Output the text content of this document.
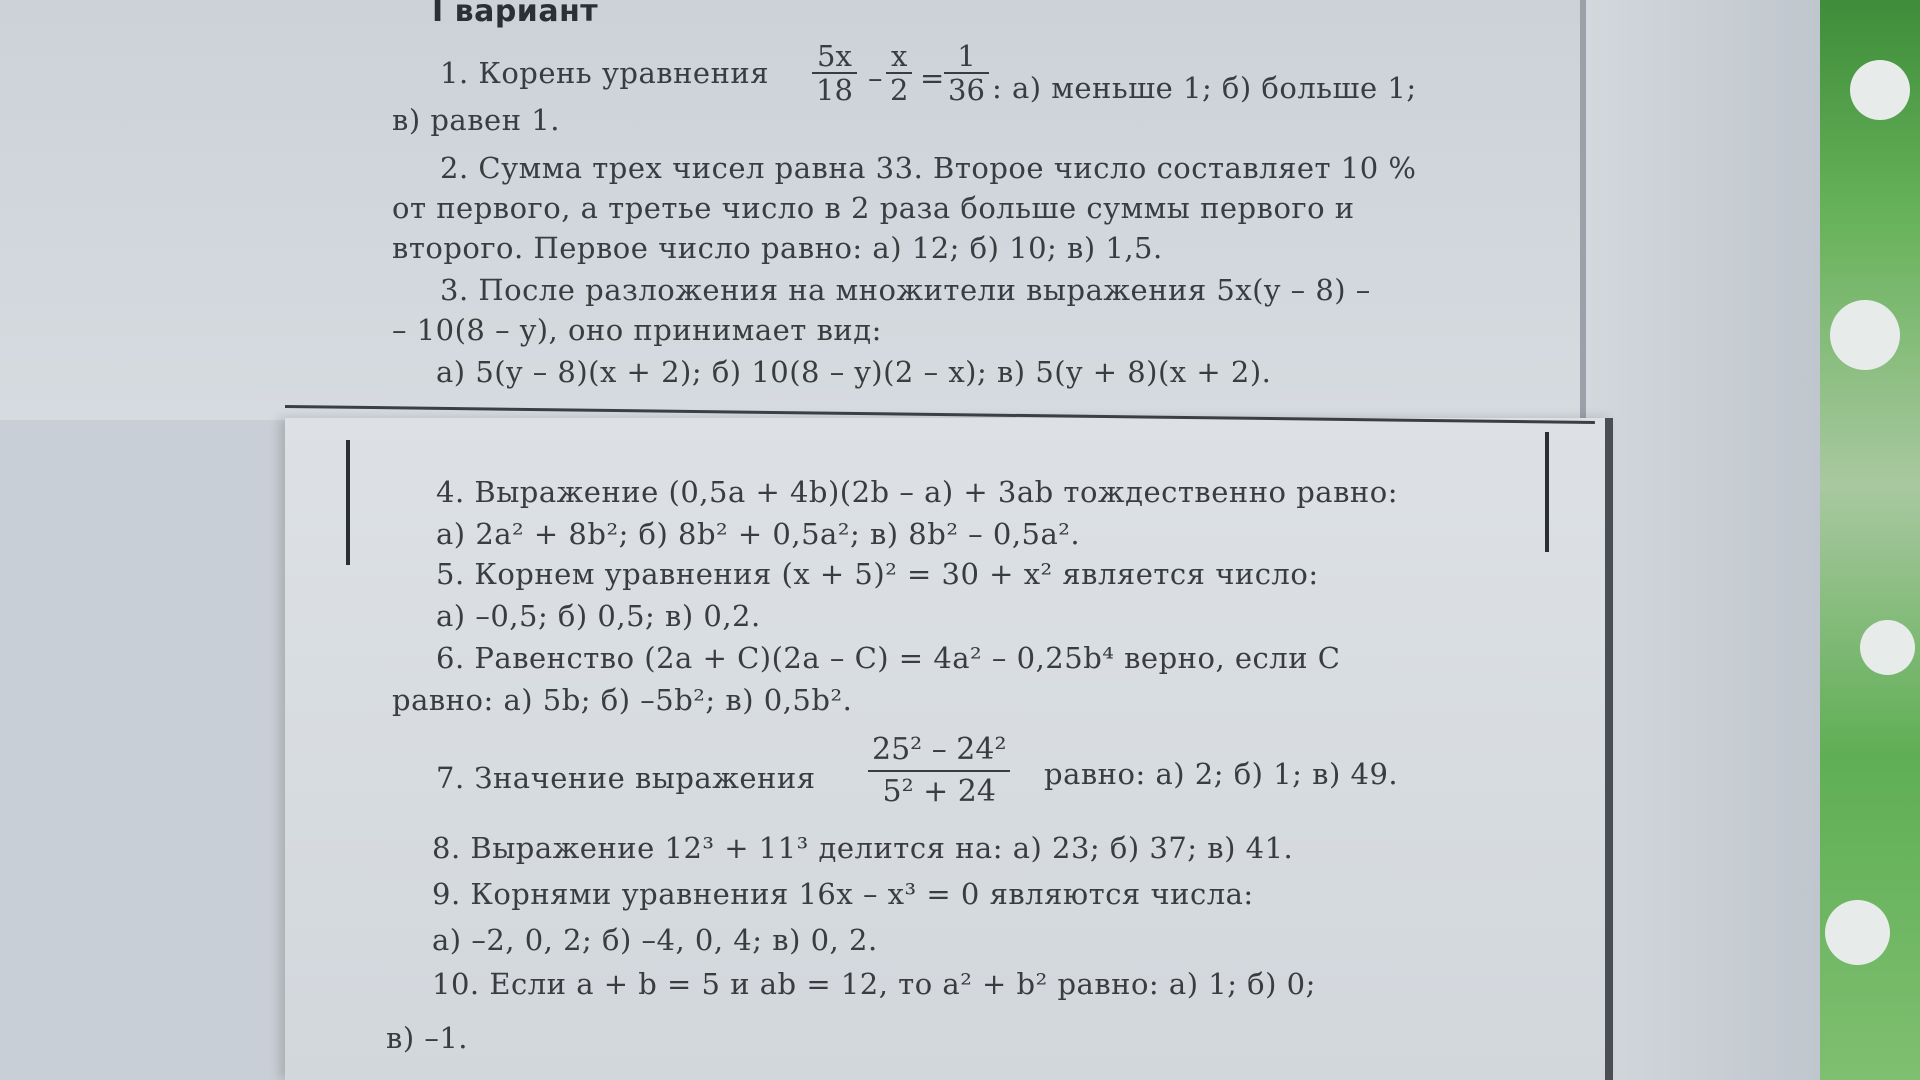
I вариант
1. Корень уравнения $\frac{5x}{18} - \frac{x}{2} = \frac{1}{36}$ : а) меньше 1; б) больше 1;
в) равен 1.
2. Сумма трех чисел равна 33. Второе число составляет 10 %
от первого, а третье число в 2 раза больше суммы первого и
второго. Первое число равно: а) 12; б) 10; в) 1,5.
3. После разложения на множители выражения 5x(y – 8) –
– 10(8 – y), оно принимает вид:
а) 5(y – 8)(x + 2); б) 10(8 – y)(2 – x); в) 5(y + 8)(x + 2).
4. Выражение (0,5a + 4b)(2b – a) + 3ab тождественно равно:
а) 2a² + 8b²; б) 8b² + 0,5a²; в) 8b² – 0,5a².
5. Корнем уравнения (x + 5)² = 30 + x² является число:
а) –0,5; б) 0,5; в) 0,2.
6. Равенство (2a + C)(2a – C) = 4a² – 0,25b⁴ верно, если C
равно: а) 5b; б) –5b²; в) 0,5b².
7. Значение выражения $\frac{\text{25² – 24²}}{\text{5² + 24}}$ равно: а) 2; б) 1; в) 49.
8. Выражение 12³ + 11³ делится на: а) 23; б) 37; в) 41.
9. Корнями уравнения 16x – x³ = 0 являются числа:
а) –2, 0, 2; б) –4, 0, 4; в) 0, 2.
10. Если a + b = 5 и ab = 12, то a² + b² равно: а) 1; б) 0;
в) –1.
